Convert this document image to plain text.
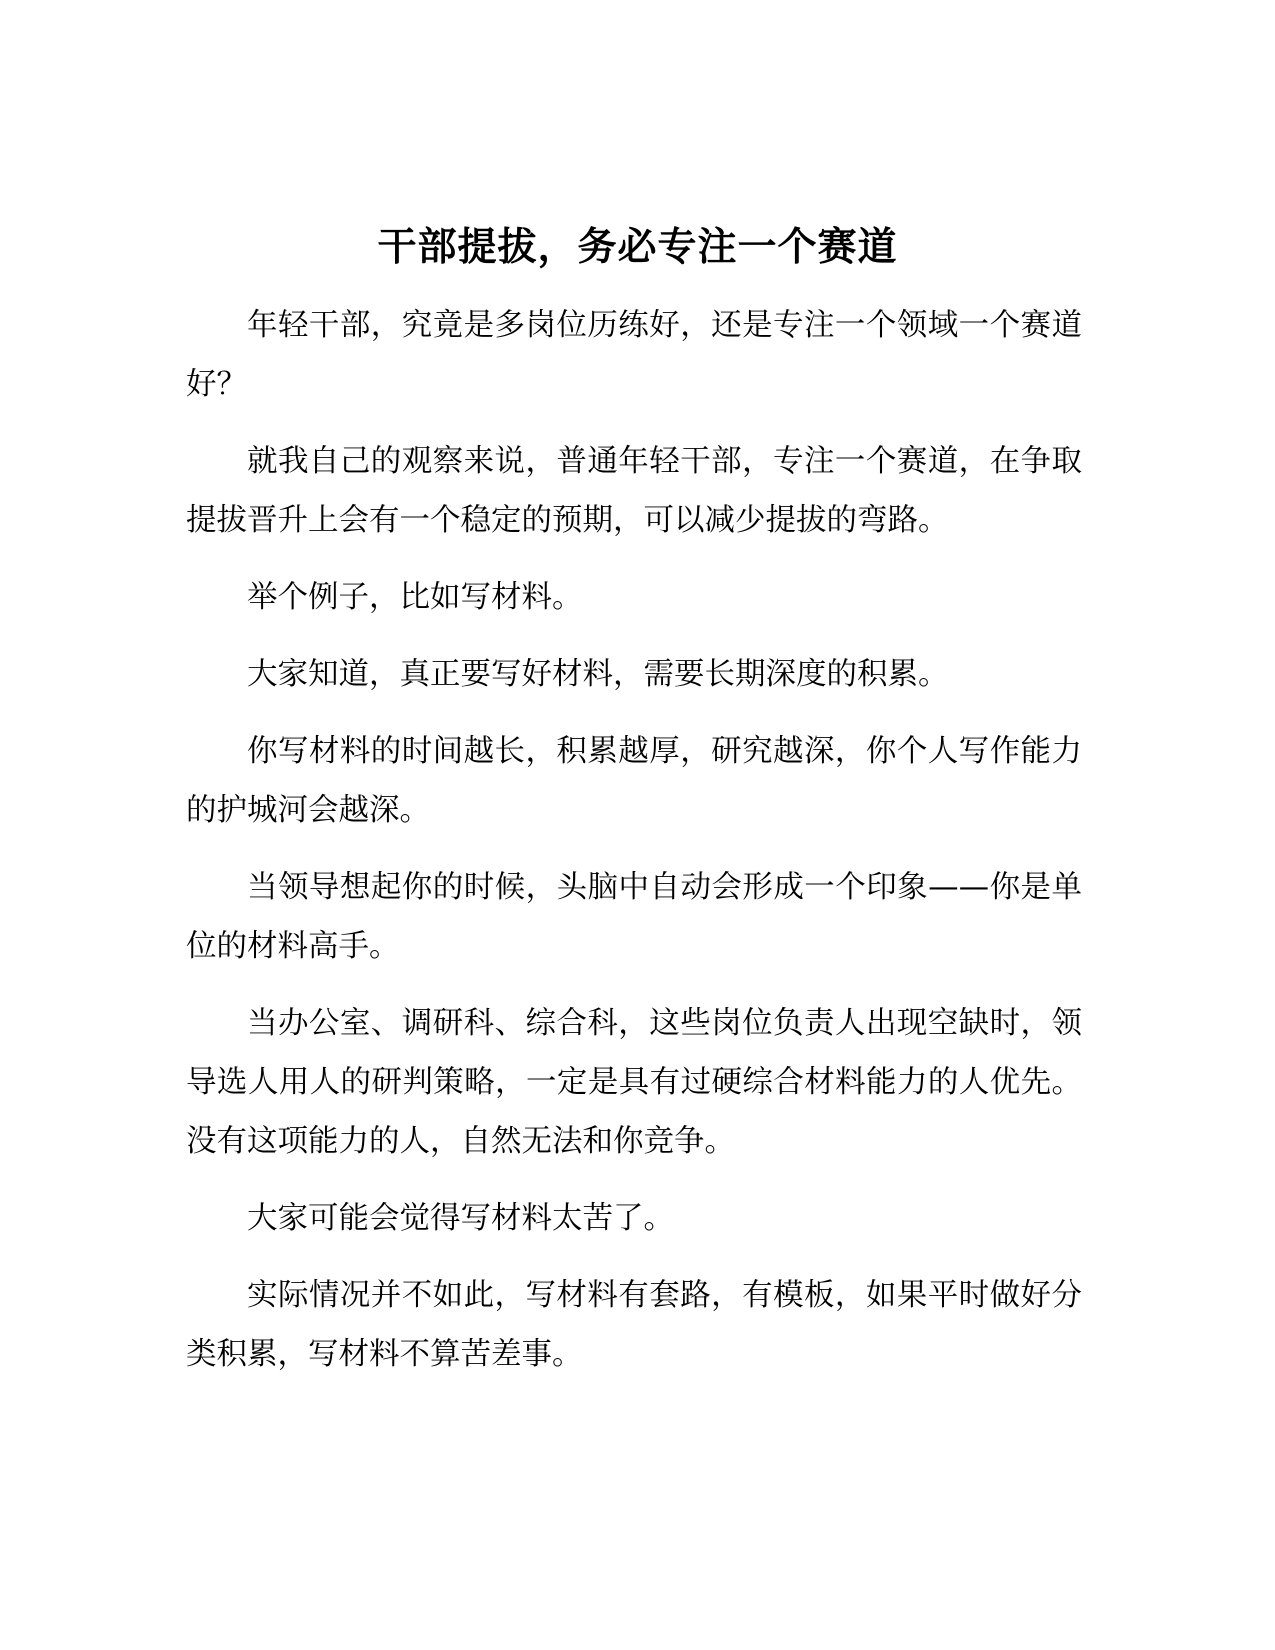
干部提拔，务必专注一个赛道

年轻干部，究竟是多岗位历练好，还是专注一个领域一个赛道好？

就我自己的观察来说，普通年轻干部，专注一个赛道，在争取提拔晋升上会有一个稳定的预期，可以减少提拔的弯路。

举个例子，比如写材料。

大家知道，真正要写好材料，需要长期深度的积累。

你写材料的时间越长，积累越厚，研究越深，你个人写作能力的护城河会越深。

当领导想起你的时候，头脑中自动会形成一个印象——你是单位的材料高手。

当办公室、调研科、综合科，这些岗位负责人出现空缺时，领导选人用人的研判策略，一定是具有过硬综合材料能力的人优先。没有这项能力的人，自然无法和你竞争。

大家可能会觉得写材料太苦了。

实际情况并不如此，写材料有套路，有模板，如果平时做好分类积累，写材料不算苦差事。
